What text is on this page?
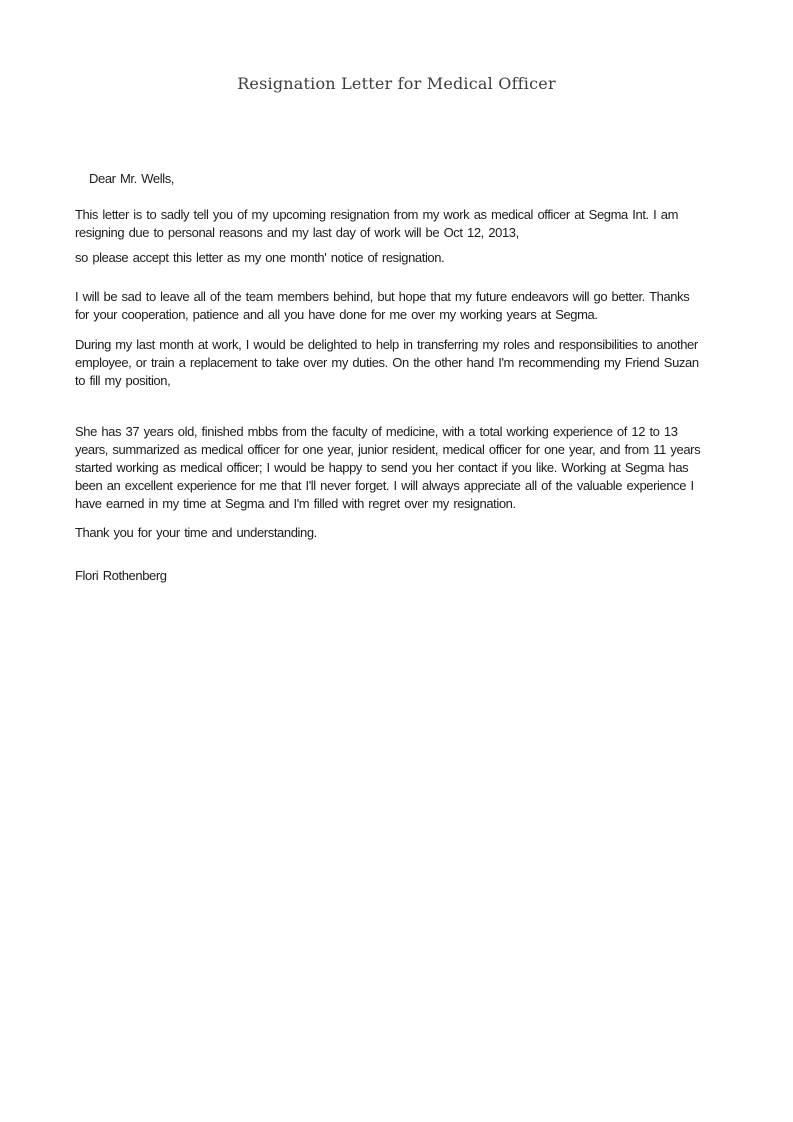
Resignation Letter for Medical Officer

Dear Mr. Wells,

This letter is to sadly tell you of my upcoming resignation from my work as medical officer at Segma Int. I am resigning due to personal reasons and my last day of work will be Oct 12, 2013,

so please accept this letter as my one month' notice of resignation.

I will be sad to leave all of the team members behind, but hope that my future endeavors will go better. Thanks for your cooperation, patience and all you have done for me over my working years at Segma.

During my last month at work, I would be delighted to help in transferring my roles and responsibilities to another employee, or train a replacement to take over my duties. On the other hand I'm recommending my Friend Suzan to fill my position,

She has 37 years old, finished mbbs from the faculty of medicine, with a total working experience of 12 to 13 years, summarized as medical officer for one year, junior resident, medical officer for one year, and from 11 years started working as medical officer; I would be happy to send you her contact if you like. Working at Segma has been an excellent experience for me that I'll never forget. I will always appreciate all of the valuable experience I have earned in my time at Segma and I'm filled with regret over my resignation.

Thank you for your time and understanding.

Flori Rothenberg
